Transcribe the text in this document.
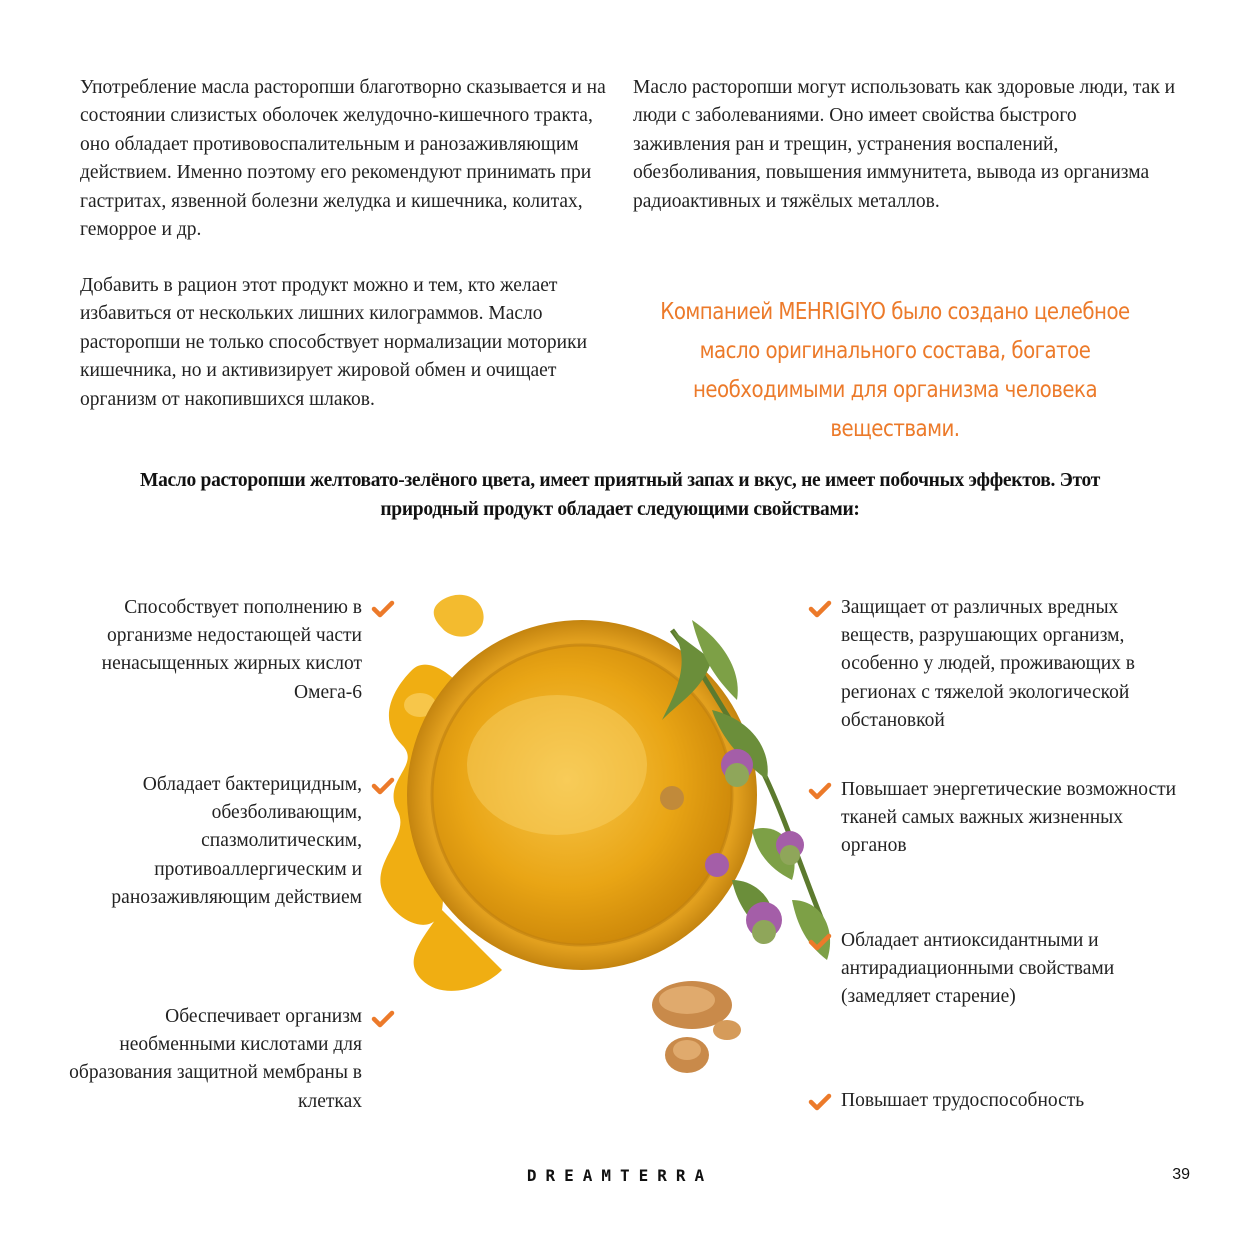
Употребление масла расторопши благотворно сказывается и на состоянии слизистых оболочек желудочно-кишечного тракта, оно обладает противовоспалительным и ранозаживляющим действием. Именно поэтому его рекомендуют принимать при гастритах, язвенной болезни желудка и кишечника, колитах, геморрое и др.

Добавить в рацион этот продукт можно и тем, кто желает избавиться от нескольких лишних килограммов. Масло расторопши не только способствует нормализации моторики кишечника, но и активизирует жировой обмен и очищает организм от накопившихся шлаков.

Масло расторопши могут использовать как здоровые люди, так и люди с заболеваниями. Оно имеет свойства быстрого заживления ран и трещин, устранения воспалений, обезболивания, повышения иммунитета, вывода из организма радиоактивных и тяжёлых металлов.

Компанией MEHRIGIYO было создано целебное масло оригинального состава, богатое необходимыми для организма человека веществами.
Масло расторопши желтовато-зелёного цвета, имеет приятный запах и вкус, не имеет побочных эффектов. Этот природный продукт обладает следующими свойствами:
Способствует пополнению в организме недостающей части ненасыщенных жирных кислот Омега-6
Обладает бактерицидным, обезболивающим, спазмолитическим, противоаллергическим и ранозаживляющим действием
Обеспечивает организм необменными кислотами для образования защитной мембраны в клетках
Защищает от различных вредных веществ, разрушающих организм, особенно у людей, проживающих в регионах с тяжелой экологической обстановкой
Повышает энергетические возможности тканей самых важных жизненных органов
Обладает антиоксидантными и антирадиационными свойствами (замедляет старение)
Повышает трудоспособность
DREAMTERRA	39
